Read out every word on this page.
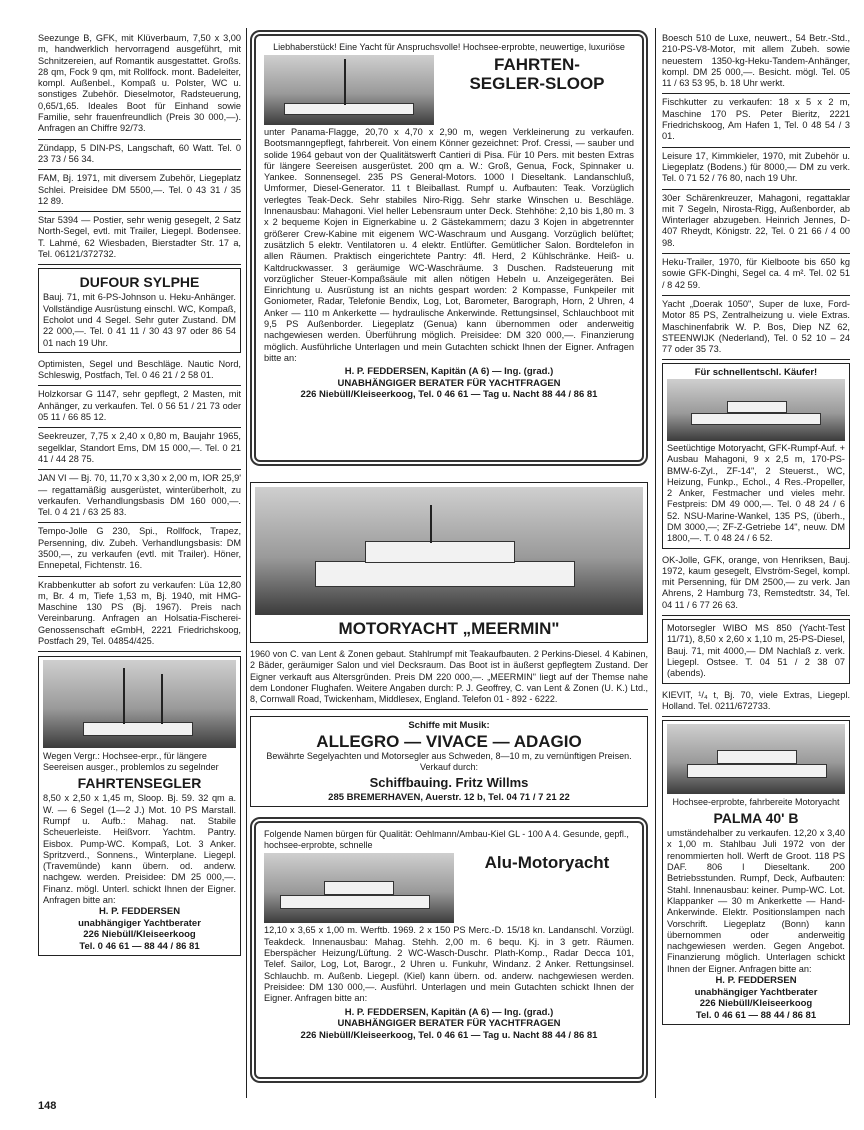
Seezunge B, GFK, mit Klüverbaum, 7,50 x 3,00 m, handwerklich hervorragend ausgeführt, mit Schnitzereien, auf Romantik ausgestattet. Großs. 28 qm, Fock 9 qm, mit Rollfock. mont. Badeleiter, kompl. Außenbel., Kompaß u. Polster, WC u. sonstiges Zubehör. Dieselmotor, Radsteuerung, 0,65/1,65. Ideales Boot für Einhand sowie Familie, sehr frauenfreundlich (Preis 30 000,—). Anfragen an Chiffre 92/73.
Zündapp, 5 DIN-PS, Langschaft, 60 Watt. Tel. 0 23 73 / 56 34.
FAM, Bj. 1971, mit diversem Zubehör, Liegeplatz Schlei. Preisidee DM 5500,—. Tel. 0 43 31 / 35 12 89.
Star 5394 — Postier, sehr wenig gesegelt, 2 Satz North-Segel, evtl. mit Trailer, Liegepl. Bodensee. T. Lahmé, 62 Wiesbaden, Bierstadter Str. 17 a, Tel. 06121/372732.
DUFOUR SYLPHE
Bauj. 71, mit 6-PS-Johnson u. Heku-Anhänger. Vollständige Ausrüstung einschl. WC, Kompaß, Echolot und 4 Segel. Sehr guter Zustand. DM 22 000,—. Tel. 0 41 11 / 30 43 97 oder 86 54 01 nach 19 Uhr.
Optimisten, Segel und Beschläge. Nautic Nord, Schleswig, Postfach, Tel. 0 46 21 / 2 58 01.
Holzkorsar G 1147, sehr gepflegt, 2 Masten, mit Anhänger, zu verkaufen. Tel. 0 56 51 / 21 73 oder 05 11 / 66 85 12.
Seekreuzer, 7,75 x 2,40 x 0,80 m, Baujahr 1965, segelklar, Standort Ems, DM 15 000,—. Tel. 0 21 41 / 44 28 75.
JAN VI — Bj. 70, 11,70 x 3,30 x 2,00 m, IOR 25,9' — regattamäßig ausgerüstet, winterüberholt, zu verkaufen. Verhandlungsbasis DM 160 000,—. Tel. 0 4 21 / 63 25 83.
Tempo-Jolle G 230, Spi., Rollfock, Trapez, Persenning, div. Zubeh. Verhandlungsbasis: DM 3500,—, zu verkaufen (evtl. mit Trailer). Höner, Ennepetal, Fichtenstr. 16.
Krabbenkutter ab sofort zu verkaufen: Lüa 12,80 m, Br. 4 m, Tiefe 1,53 m, Bj. 1940, mit HMG-Maschine 130 PS (Bj. 1967). Preis nach Vereinbarung. Anfragen an Holsatia-Fischerei-Genossenschaft eGmbH, 2221 Friedrichskoog, Postfach 29, Tel. 04854/425.
Wegen Vergr.: Hochsee-erpr., für längere Seereisen ausger., problemlos zu segelnder
FAHRTENSEGLER
8,50 x 2,50 x 1,45 m, Sloop. Bj. 59. 32 qm a. W. — 6 Segel (1—2 J.) Mot. 10 PS Marstall. Rumpf u. Aufb.: Mahag. nat. Stabile Scheuerleiste. Heißvorr. Yachtm. Pantry. Eisbox. Pump-WC. Kompaß, Lot. 3 Anker. Spritzverd., Sonnens., Winterplane. Liegepl. (Travemünde) kann übern. od. anderw. nachgew. werden. Preisidee: DM 25 000,—. Finanz. mögl. Unterl. schickt Ihnen der Eigner. Anfragen bitte an:
H. P. FEDDERSEN
unabhängiger Yachtberater
226 Niebüll/Kleiseerkoog
Tel. 0 46 61 — 88 44 / 86 81
Liebhaberstück! Eine Yacht für Anspruchsvolle! Hochsee-erprobte, neuwertige, luxuriöse
FAHRTEN-
SEGLER-SLOOP
unter Panama-Flagge, 20,70 x 4,70 x 2,90 m, wegen Verkleinerung zu verkaufen. Bootsmanngepflegt, fahrbereit. Von einem Könner gezeichnet: Prof. Cressi, — sauber und solide 1964 gebaut von der Qualitätswerft Cantieri di Pisa. Für 10 Pers. mit besten Extras für längere Seereisen ausgerüstet. 200 qm a. W.: Groß, Genua, Fock, Spinnaker u. Yankee. Sonnensegel. 235 PS General-Motors. 1000 l Dieseltank. Landanschluß, Umformer, Diesel-Generator. 11 t Bleiballast. Rumpf u. Aufbauten: Teak. Vorzüglich verlegtes Teak-Deck. Sehr stabiles Niro-Rigg. Sehr starke Winschen u. Beschläge. Innenausbau: Mahagoni. Viel heller Lebensraum unter Deck. Stehhöhe: 2,10 bis 1,80 m. 3 x 2 bequeme Kojen in Eignerkabine u. 2 Gästekammern; dazu 3 Kojen in abgetrennter größerer Crew-Kabine mit eigenem WC-Waschraum und Ausgang. Vorzüglich belüftet; zusätzlich 5 elektr. Ventilatoren u. 4 elektr. Entlüfter. Gemütlicher Salon. Bordtelefon in allen Räumen. Praktisch eingerichtete Pantry: 4fl. Herd, 2 Kühlschränke. Heiß- u. Kaltdruckwasser. 3 geräumige WC-Waschräume. 3 Duschen. Radsteuerung mit vorzüglicher Steuer-Kompaßsäule mit allen nötigen Hebeln u. Anzeigegeräten. Bei Einrichtung u. Ausrüstung ist an nichts gespart worden: 2 Kompasse, Funkpeiler mit Goniometer, Radar, Telefonie Bendix, Log, Lot, Barometer, Barograph, Horn, 2 Uhren, 4 Anker — 110 m Ankerkette — hydraulische Ankerwinde. Rettungsinsel, Schlauchboot mit 9,5 PS Außenborder. Liegeplatz (Genua) kann übernommen oder anderweitig nachgewiesen werden. Überführung möglich. Preisidee: DM 320 000,—. Finanzierung möglich. Ausführliche Unterlagen und mein Gutachten schickt Ihnen der Eigner. Anfragen bitte an:
H. P. FEDDERSEN, Kapitän (A 6) — Ing. (grad.)
UNABHÄNGIGER BERATER FÜR YACHTFRAGEN
226 Niebüll/Kleiseerkoog, Tel. 0 46 61 — Tag u. Nacht 88 44 / 86 81
MOTORYACHT „MEERMIN"
1960 von C. van Lent & Zonen gebaut. Stahlrumpf mit Teakaufbauten. 2 Perkins-Diesel. 4 Kabinen, 2 Bäder, geräumiger Salon und viel Decksraum. Das Boot ist in äußerst gepflegtem Zustand. Der Eigner verkauft aus Altersgründen. Preis DM 220 000,—. „MEERMIN" liegt auf der Themse nahe dem Londoner Flughafen. Weitere Angaben durch: P. J. Geoffrey, C. van Lent & Zonen (U. K.) Ltd., 8, Cornwall Road, Twickenham, Middlesex, England. Telefon 01 - 892 - 6222.
Schiffe mit Musik:
ALLEGRO — VIVACE — ADAGIO
Bewährte Segelyachten und Motorsegler aus Schweden, 8—10 m, zu vernünftigen Preisen. Verkauf durch:
Schiffbauing. Fritz Willms
285 BREMERHAVEN, Auerstr. 12 b, Tel. 04 71 / 7 21 22
Folgende Namen bürgen für Qualität: Oehlmann/Ambau-Kiel GL - 100 A 4. Gesunde, gepfl., hochsee-erprobte, schnelle
Alu-Motoryacht
12,10 x 3,65 x 1,00 m. Werftb. 1969. 2 x 150 PS Merc.-D. 15/18 kn. Landanschl. Vorzügl. Teakdeck. Innenausbau: Mahag. Stehh. 2,00 m. 6 bequ. Kj. in 3 getr. Räumen. Eberspächer Heizung/Lüftung. 2 WC-Wasch-Duschr. Plath-Komp., Radar Decca 101, Telef. Sailor, Log, Lot, Barogr., 2 Uhren u. Funkuhr, Windanz. 2 Anker. Rettungsinsel. Schlauchb. m. Außenb. Liegepl. (Kiel) kann übern. od. anderw. nachgewiesen werden. Preisidee: DM 130 000,—. Ausführl. Unterlagen und mein Gutachten schickt Ihnen der Eigner. Anfragen bitte an:
H. P. FEDDERSEN, Kapitän (A 6) — Ing. (grad.)
UNABHÄNGIGER BERATER FÜR YACHTFRAGEN
226 Niebüll/Kleiseerkoog, Tel. 0 46 61 — Tag u. Nacht 88 44 / 86 81
Boesch 510 de Luxe, neuwert., 54 Betr.-Std., 210-PS-V8-Motor, mit allem Zubeh. sowie neuestem 1350-kg-Heku-Tandem-Anhänger, kompl. DM 25 000,—. Besicht. mögl. Tel. 05 11 / 63 53 95, b. 18 Uhr werkt.
Fischkutter zu verkaufen: 18 x 5 x 2 m, Maschine 170 PS. Peter Bieritz, 2221 Friedrichskoog, Am Hafen 1, Tel. 0 48 54 / 3 01.
Leisure 17, Kimmkieler, 1970, mit Zubehör u. Liegeplatz (Bodens.) für 8000,— DM zu verk. Tel. 0 71 52 / 76 80, nach 19 Uhr.
30er Schärenkreuzer, Mahagoni, regattaklar mit 7 Segeln, Nirosta-Rigg, Außenborder, ab Winterlager abzugeben. Heinrich Jennes, D-407 Rheydt, Königstr. 22, Tel. 0 21 66 / 4 00 98.
Heku-Trailer, 1970, für Kielboote bis 650 kg sowie GFK-Dinghi, Segel ca. 4 m². Tel. 02 51 / 8 42 59.
Yacht „Doerak 1050", Super de luxe, Ford-Motor 85 PS, Zentralheizung u. viele Extras. Maschinenfabrik W. P. Bos, Diep NZ 62, STEENWIJK (Nederland), Tel. 0 52 10 – 24 77 oder 35 73.
Für schnellentschl. Käufer!
Seetüchtige Motoryacht, GFK-Rumpf-Auf. + Ausbau Mahagoni, 9 x 2,5 m, 170-PS-BMW-6-Zyl., ZF-14", 2 Steuerst., WC, Heizung, Funkp., Echol., 4 Res.-Propeller, 2 Anker, Festmacher und vieles mehr. Festpreis: DM 49 000,—. Tel. 0 48 24 / 6 52. NSU-Marine-Wankel, 135 PS, (überh., DM 3000,—; ZF-Z-Getriebe 14", neuw. DM 1800,—. T. 0 48 24 / 6 52.
OK-Jolle, GFK, orange, von Henriksen, Bauj. 1972, kaum gesegelt, Elvström-Segel, kompl. mit Persenning, für DM 2500,— zu verk. Jan Ahrens, 2 Hamburg 73, Remstedtstr. 34, Tel. 04 11 / 6 77 26 63.
Motorsegler WIBO MS 850 (Yacht-Test 11/71), 8,50 x 2,60 x 1,10 m, 25-PS-Diesel, Bauj. 71, mit 4000,— DM Nachlaß z. verk. Liegepl. Ostsee. T. 04 51 / 2 38 07 (abends).
KIEVIT, ¹/₄ t, Bj. 70, viele Extras, Liegepl. Holland. Tel. 0211/672733.
Hochsee-erprobte, fahrbereite Motoryacht
PALMA 40' B
umständehalber zu verkaufen. 12,20 x 3,40 x 1,00 m. Stahlbau Juli 1972 von der renommierten holl. Werft de Groot. 118 PS DAF. 806 l Dieseltank. 200 Betriebsstunden. Rumpf, Deck, Aufbauten: Stahl. Innenausbau: keiner. Pump-WC. Lot. Klappanker — 30 m Ankerkette — Hand-Ankerwinde. Elektr. Positionslampen nach Vorschrift. Liegeplatz (Bonn) kann übernommen oder anderweitig nachgewiesen werden. Gegen Angebot. Finanzierung möglich. Unterlagen schickt Ihnen der Eigner. Anfragen bitte an:
H. P. FEDDERSEN
unabhängiger Yachtberater
226 Niebüll/Kleiseerkoog
Tel. 0 46 61 — 88 44 / 86 81
148
